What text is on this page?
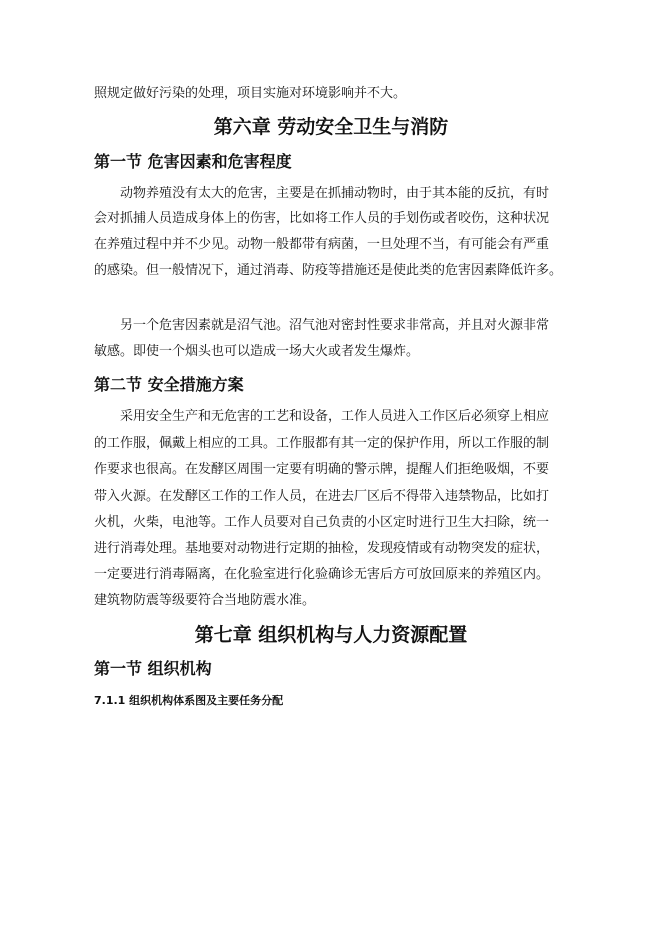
照规定做好污染的处理，项目实施对环境影响并不大。
第六章 劳动安全卫生与消防
第一节 危害因素和危害程度
动物养殖没有太大的危害，主要是在抓捕动物时，由于其本能的反抗，有时
会对抓捕人员造成身体上的伤害，比如将工作人员的手划伤或者咬伤，这种状况
在养殖过程中并不少见。动物一般都带有病菌，一旦处理不当，有可能会有严重
的感染。但一般情况下，通过消毒、防疫等措施还是使此类的危害因素降低许多。
另一个危害因素就是沼气池。沼气池对密封性要求非常高，并且对火源非常
敏感。即使一个烟头也可以造成一场大火或者发生爆炸。
第二节 安全措施方案
采用安全生产和无危害的工艺和设备，工作人员进入工作区后必须穿上相应
的工作服，佩戴上相应的工具。工作服都有其一定的保护作用，所以工作服的制
作要求也很高。在发酵区周围一定要有明确的警示牌，提醒人们拒绝吸烟，不要
带入火源。在发酵区工作的工作人员，在进去厂区后不得带入违禁物品，比如打
火机，火柴，电池等。工作人员要对自己负责的小区定时进行卫生大扫除，统一
进行消毒处理。基地要对动物进行定期的抽检，发现疫情或有动物突发的症状，
一定要进行消毒隔离，在化验室进行化验确诊无害后方可放回原来的养殖区内。
建筑物防震等级要符合当地防震水准。
第七章 组织机构与人力资源配置
第一节 组织机构
7.1.1 组织机构体系图及主要任务分配
